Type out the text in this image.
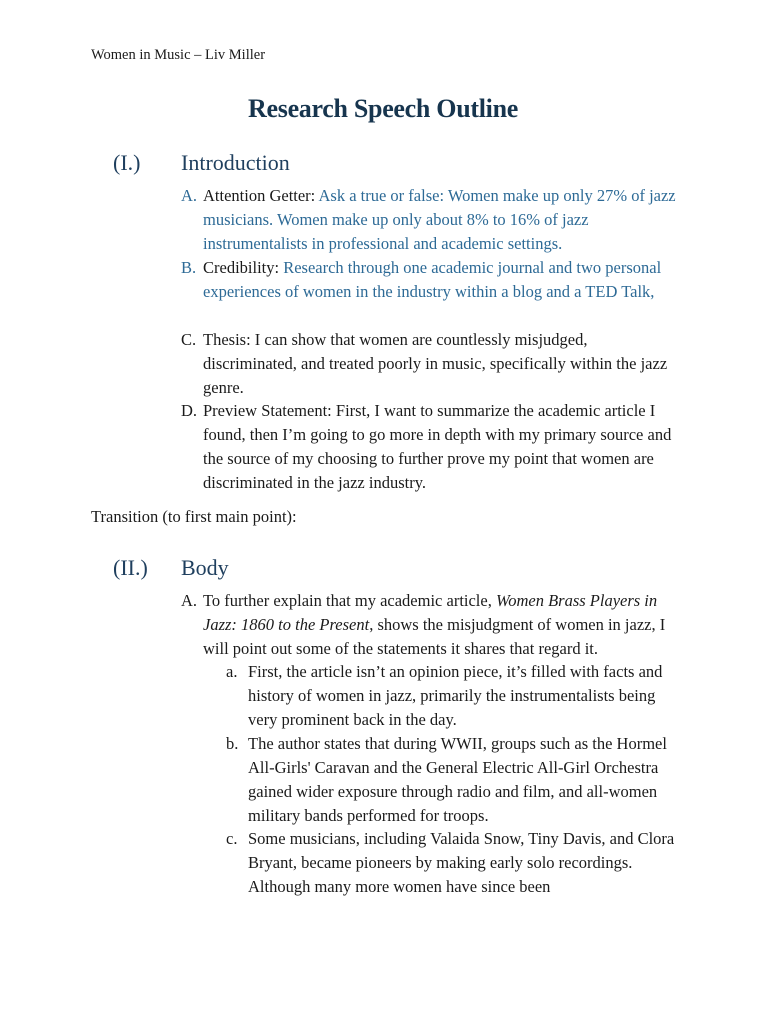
Women in Music – Liv Miller
Research Speech Outline
(I.) Introduction
A. Attention Getter: Ask a true or false: Women make up only 27% of jazz musicians. Women make up only about 8% to 16% of jazz instrumentalists in professional and academic settings.
B. Credibility: Research through one academic journal and two personal experiences of women in the industry within a blog and a TED Talk,
C. Thesis: I can show that women are countlessly misjudged, discriminated, and treated poorly in music, specifically within the jazz genre.
D. Preview Statement: First, I want to summarize the academic article I found, then I’m going to go more in depth with my primary source and the source of my choosing to further prove my point that women are discriminated in the jazz industry.
Transition (to first main point):
(II.) Body
A. To further explain that my academic article, Women Brass Players in Jazz: 1860 to the Present, shows the misjudgment of women in jazz, I will point out some of the statements it shares that regard it.
a. First, the article isn’t an opinion piece, it’s filled with facts and history of women in jazz, primarily the instrumentalists being very prominent back in the day.
b. The author states that during WWII, groups such as the Hormel All-Girls' Caravan and the General Electric All-Girl Orchestra gained wider exposure through radio and film, and all-women military bands performed for troops.
c. Some musicians, including Valaida Snow, Tiny Davis, and Clora Bryant, became pioneers by making early solo recordings. Although many more women have since been
